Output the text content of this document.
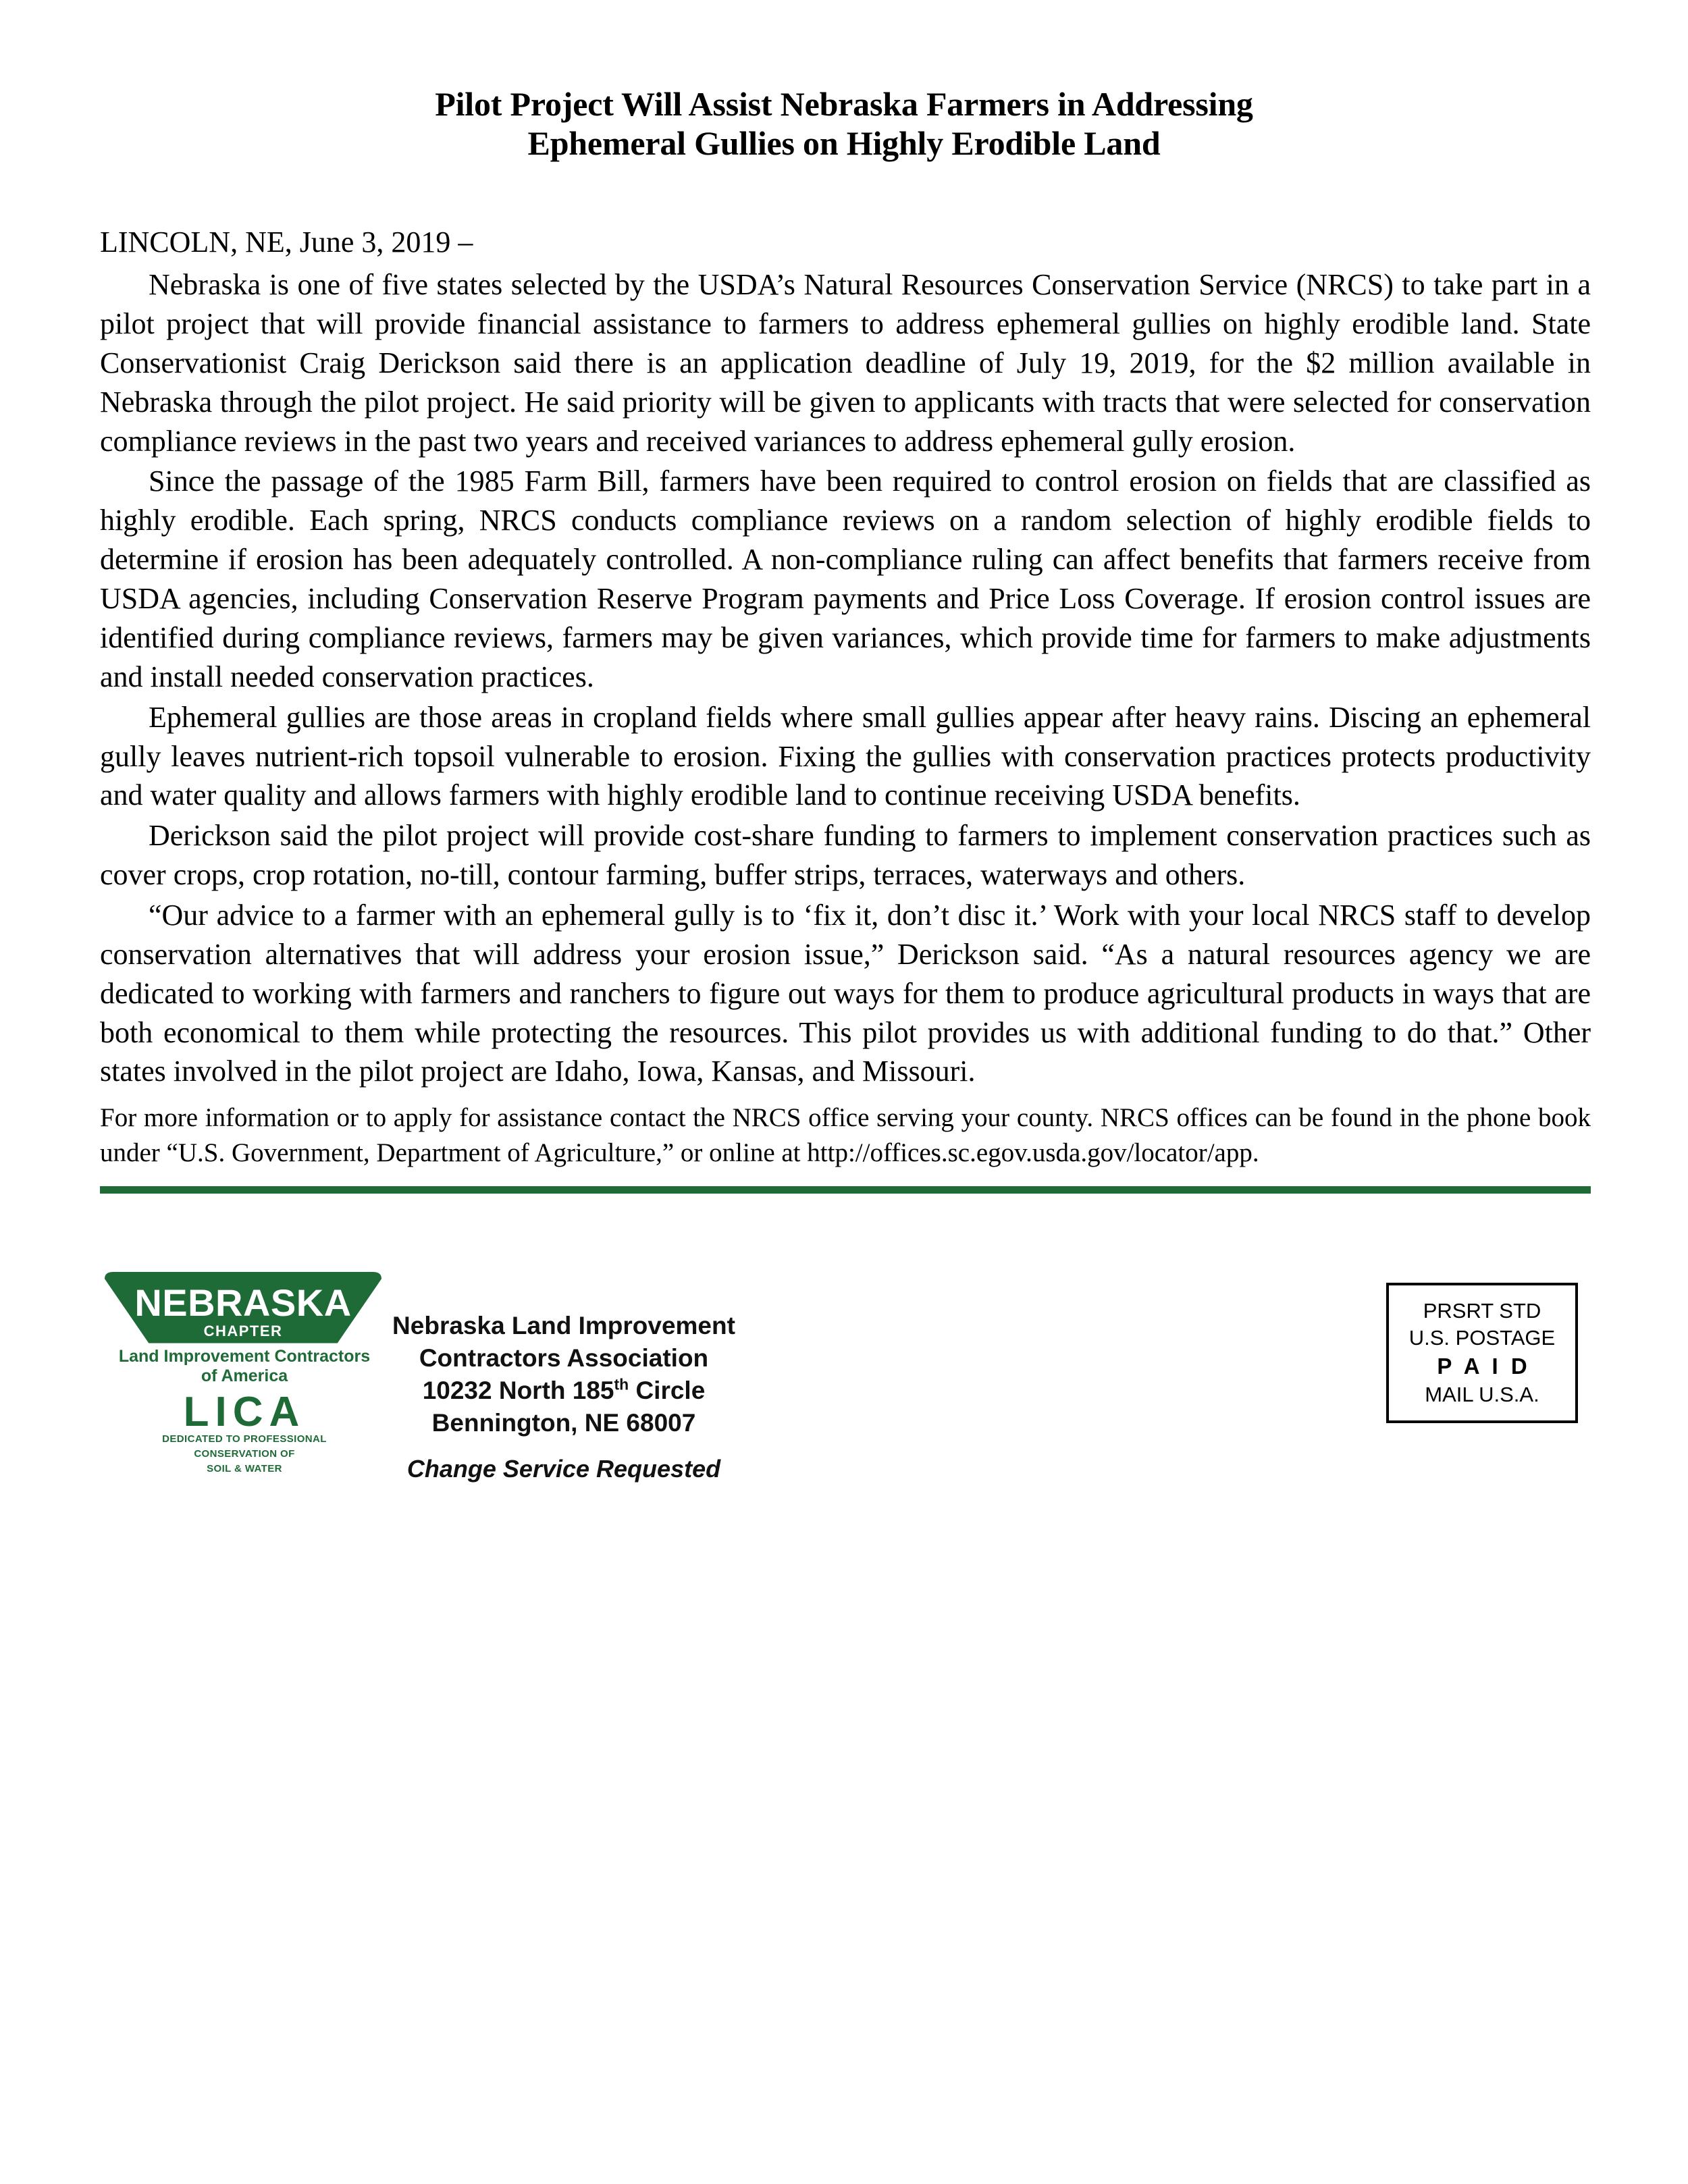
Pilot Project Will Assist Nebraska Farmers in Addressing
Ephemeral Gullies on Highly Erodible Land

LINCOLN, NE, June 3, 2019 –

Nebraska is one of five states selected by the USDA’s Natural Resources Conservation Service (NRCS) to take part in a pilot project that will provide financial assistance to farmers to address ephemeral gullies on highly erodible land. State Conservationist Craig Derickson said there is an application deadline of July 19, 2019, for the $2 million available in Nebraska through the pilot project. He said priority will be given to applicants with tracts that were selected for conservation compliance reviews in the past two years and received variances to address ephemeral gully erosion.

Since the passage of the 1985 Farm Bill, farmers have been required to control erosion on fields that are classified as highly erodible. Each spring, NRCS conducts compliance reviews on a random selection of highly erodible fields to determine if erosion has been adequately controlled. A non-compliance ruling can affect benefits that farmers receive from USDA agencies, including Conservation Reserve Program payments and Price Loss Coverage. If erosion control issues are identified during compliance reviews, farmers may be given variances, which provide time for farmers to make adjustments and install needed conservation practices.

Ephemeral gullies are those areas in cropland fields where small gullies appear after heavy rains. Discing an ephemeral gully leaves nutrient-rich topsoil vulnerable to erosion. Fixing the gullies with conservation practices protects productivity and water quality and allows farmers with highly erodible land to continue receiving USDA benefits.

Derickson said the pilot project will provide cost-share funding to farmers to implement conservation practices such as cover crops, crop rotation, no-till, contour farming, buffer strips, terraces, waterways and others.

“Our advice to a farmer with an ephemeral gully is to ‘fix it, don’t disc it.’ Work with your local NRCS staff to develop conservation alternatives that will address your erosion issue,” Derickson said. “As a natural resources agency we are dedicated to working with farmers and ranchers to figure out ways for them to produce agricultural products in ways that are both economical to them while protecting the resources. This pilot provides us with additional funding to do that.” Other states involved in the pilot project are Idaho, Iowa, Kansas, and Missouri.

For more information or to apply for assistance contact the NRCS office serving your county. NRCS offices can be found in the phone book under “U.S. Government, Department of Agriculture,” or online at http://offices.sc.egov.usda.gov/locator/app.

NEBRASKA
CHAPTER
Land Improvement Contractors
of America
LICA
DEDICATED TO PROFESSIONAL
CONSERVATION OF
SOIL & WATER
Nebraska Land Improvement
Contractors Association
10232 North 185th Circle
Bennington, NE 68007
Change Service Requested
PRSRT STD
U.S. POSTAGE
P A I D
MAIL U.S.A.
